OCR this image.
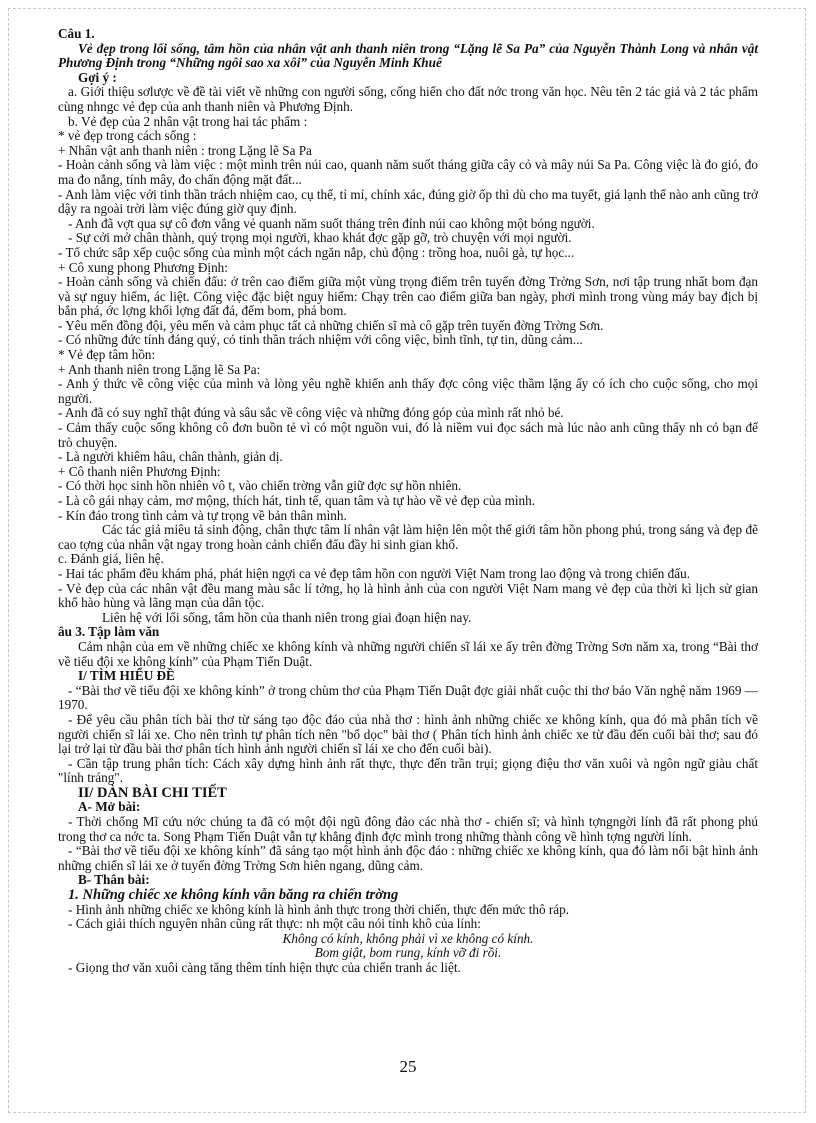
Câu 1.

Vẻ đẹp trong lối sống, tâm hồn của nhân vật anh thanh niên trong “Lặng lẽ Sa Pa” của Nguyễn Thành Long và nhân vật Phương Định trong “Những ngôi sao xa xôi” của Nguyễn Minh Khuê

Gợi ý :

a. Giới thiệu sơlược về đề tài viết về những con người sống, cống hiến cho đất nớc trong văn học. Nêu tên 2 tác giả và 2 tác phẩm cùng nhngc vẻ đẹp của anh thanh niên và Phương Định.

b. Vẻ đẹp của 2 nhân vật trong hai tác phẩm :

* vẻ đẹp trong cách sống :

+ Nhân vật anh thanh niên : trong Lặng lẽ Sa Pa

- Hoàn cảnh sống và làm việc : một mình trên núi cao, quanh năm suốt tháng giữa cây cỏ và mây núi Sa Pa. Công việc là đo gió, đo ma đo nắng, tính mây, đo chấn động mặt đất...

- Anh làm việc với tinh thần trách nhiệm cao, cụ thể, tỉ mỉ, chính xác, đúng giờ ốp thì dù cho ma tuyết, giá lạnh thế nào anh cũng trở dậy ra ngoài trời làm việc đúng giờ quy định.

- Anh đã vợt qua sự cô đơn vắng vẻ quanh năm suốt tháng trên đỉnh núi cao không một bóng người.

- Sự cởi mở chân thành, quý trọng mọi người, khao khát đợc gặp gỡ, trò chuyện với mọi người.

- Tổ chức sắp xếp cuộc sống của mình một cách ngăn nắp, chủ động : trồng hoa, nuôi gà, tự học...

+ Cô xung phong Phương Định:

- Hoàn cảnh sống và chiến đấu: ở trên cao điểm giữa một vùng trọng điểm trên tuyến đờng Trờng Sơn, nơi tập trung nhất bom đạn và sự nguy hiểm, ác liệt. Công việc đặc biệt nguy hiểm: Chạy trên cao điểm giữa ban ngày, phơi mình trong vùng máy bay địch bị bắn phá, ớc lợng khối lợng đất đá, đếm bom, phá bom.

- Yêu mến đồng đội, yêu mến và cảm phục tất cả những chiến sĩ mà cô gặp trên tuyến đờng Trờng Sơn.

- Có những đức tính đáng quý, có tinh thần trách nhiệm với công việc, bình tĩnh, tự tin, dũng cảm...

* Vẻ đẹp tâm hồn:

+ Anh thanh niên trong Lặng lẽ Sa Pa:

- Anh ý thức về công việc của mình và lòng yêu nghề khiến anh thấy đợc công việc thầm lặng ấy có ích cho cuộc sống, cho mọi người.

- Anh đã có suy nghĩ thật đúng và sâu sắc về công việc và những đóng góp của mình rất nhỏ bé.

- Cảm thấy cuộc sống không cô đơn buồn tẻ vì có một nguồn vui, đó là niềm vui đọc sách mà lúc nào anh cũng thấy nh có bạn để trò chuyện.

- Là người khiêm hâu, chân thành, giản dị.

+ Cô thanh niên Phương Định:

- Có thời học sinh hồn nhiên vô t, vào chiến trờng vẫn giữ đợc sự hồn nhiên.

- Là cô gái nhạy cảm, mơ mộng, thích hát, tinh tế, quan tâm và tự hào về vẻ đẹp của mình.

- Kín đáo trong tình cảm và tự trọng về bản thân mình.

Các tác giả miêu tả sinh động, chân thực tâm lí nhân vật làm hiện lên một thế giới tâm hồn phong phú, trong sáng và đẹp đẽ cao tợng của nhân vật ngay trong hoàn cảnh chiến đấu đầy hi sinh gian khổ.

c. Đánh giá, liên hệ.

- Hai tác phẩm đều khám phá, phát hiện ngợi ca vẻ đẹp tâm hồn con người Việt Nam trong lao động và trong chiến đấu.

- Vẻ đẹp của các nhân vật đều mang màu sắc lí tởng, họ là hình ảnh của con người Việt Nam mang vẻ đẹp của thời kì lịch sử gian khổ hào hùng và lãng mạn của dân tộc.

Liên hệ với lối sống, tâm hồn của thanh niên trong giai đoạn hiện nay.

âu 3. Tập làm văn

Cảm nhận của em về những chiếc xe không kính và những người chiến sĩ lái xe ấy trên đờng Trờng Sơn năm xa, trong “Bài thơ về tiểu đội xe không kính” của Phạm Tiến Duật.

I/ TÌM HIỂU ĐỀ

- “Bài thơ về tiểu đội xe không kính” ở trong chùm thơ của Phạm Tiến Duật đợc giải nhất cuộc thi thơ báo Văn nghệ năm 1969 — 1970.

- Để yêu cầu phân tích bài thơ từ sáng tạo độc đáo của nhà thơ : hình ảnh những chiếc xe không kính, qua đó mà phân tích về người chiến sĩ lái xe. Cho nên trình tự phân tích nên "bổ dọc" bài thơ ( Phân tích hình ảnh chiếc xe từ đầu đến cuối bài thơ; sau đó lại trở lại từ đầu bài thơ phân tích hình ảnh người chiến sĩ lái xe cho đến cuối bài).

- Cần tập trung phân tích: Cách xây dựng hình ảnh rất thực, thực đến trần trụi; giọng điệu thơ văn xuôi và ngôn ngữ giàu chất "lính tráng".

II/ DÀN BÀI CHI TIẾT

A- Mở bài:

- Thời chống Mĩ cứu nớc chúng ta đã có một đội ngũ đông đảo các nhà thơ - chiến sĩ; và hình tợngngời lính đã rất phong phú trong thơ ca nớc ta. Song Phạm Tiến Duật vẫn tự khẳng định đợc mình trong những thành công về hình tợng người lính.

- “Bài thơ về tiểu đội xe không kính” đã sáng tạo một hình ảnh độc đáo : những chiếc xe không kính, qua đó làm nổi bật hình ảnh những chiến sĩ lái xe ở tuyến đờng Trờng Sơn hiên ngang, dũng cảm.

B- Thân bài:

1. Những chiếc xe không kính vẫn băng ra chiến trờng

- Hình ảnh những chiếc xe không kính là hình ảnh thực trong thời chiến, thực đến mức thô ráp.

- Cách giải thích nguyên nhân cũng rất thực: nh một câu nói tỉnh khô của lính:

Không có kính, không phải vì xe không có kính.

Bom giật, bom rung, kính vỡ đi rồi.

- Giọng thơ văn xuôi càng tăng thêm tính hiện thực của chiến tranh ác liệt.

25
